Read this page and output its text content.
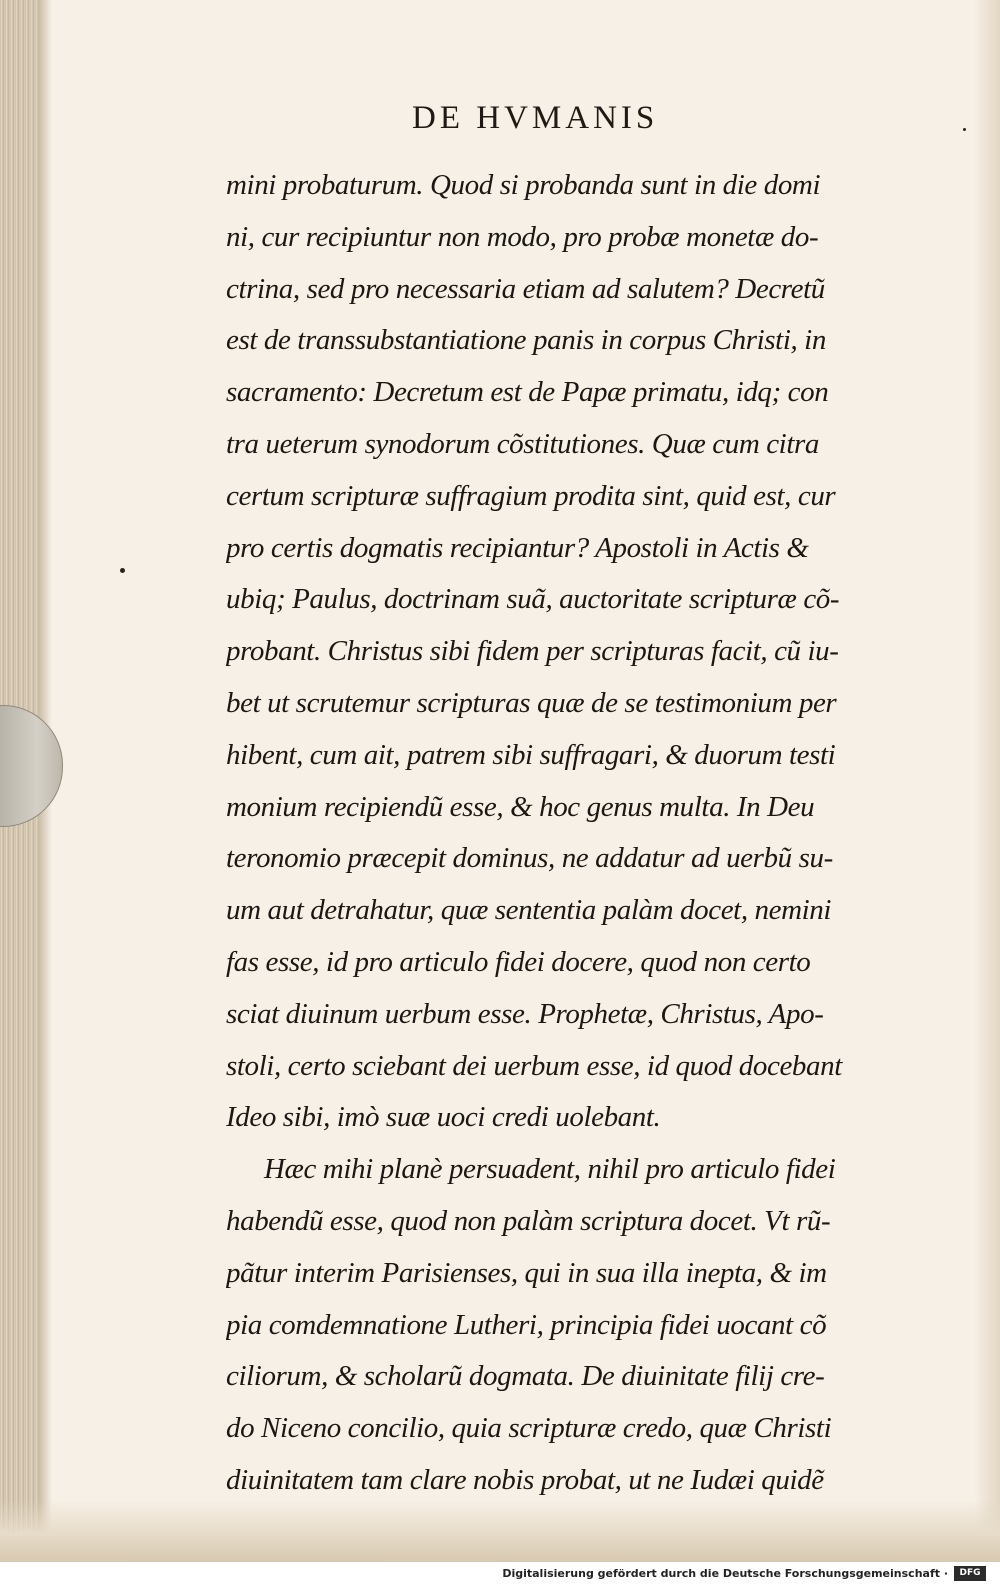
DE HVMANIS
mini probaturum. Quod si probanda sunt in die domi
ni, cur recipiuntur non modo, pro probæ monetæ do-
ctrina, sed pro necessaria etiam ad salutem? Decretũ
est de transsubstantiatione panis in corpus Christi, in
sacramento: Decretum est de Papæ primatu, idq; con
tra ueterum synodorum cõstitutiones. Quæ cum citra
certum scripturæ suffragium prodita sint, quid est, cur
pro certis dogmatis recipiantur? Apostoli in Actis &
ubiq; Paulus, doctrinam suã, auctoritate scripturæ cõ-
probant. Christus sibi fidem per scripturas facit, cũ iu-
bet ut scrutemur scripturas quæ de se testimonium per
hibent, cum ait, patrem sibi suffragari, & duorum testi
monium recipiendũ esse, & hoc genus multa. In Deu
teronomio præcepit dominus, ne addatur ad uerbũ su-
um aut detrahatur, quæ sententia palàm docet, nemini
fas esse, id pro articulo fidei docere, quod non certo
sciat diuinum uerbum esse. Prophetæ, Christus, Apo-
stoli, certo sciebant dei uerbum esse, id quod docebant
Ideo sibi, imò suæ uoci credi uolebant.
Hæc mihi planè persuadent, nihil pro articulo fidei
habendũ esse, quod non palàm scriptura docet. Vt rũ-
pãtur interim Parisienses, qui in sua illa inepta, & im
pia comdemnatione Lutheri, principia fidei uocant cõ
ciliorum, & scholarũ dogmata. De diuinitate filij cre-
do Niceno concilio, quia scripturæ credo, quæ Christi
diuinitatem tam clare nobis probat, ut ne Iudæi quidẽ
Digitalisierung gefördert durch die Deutsche Forschungsgemeinschaft ·	DFG
